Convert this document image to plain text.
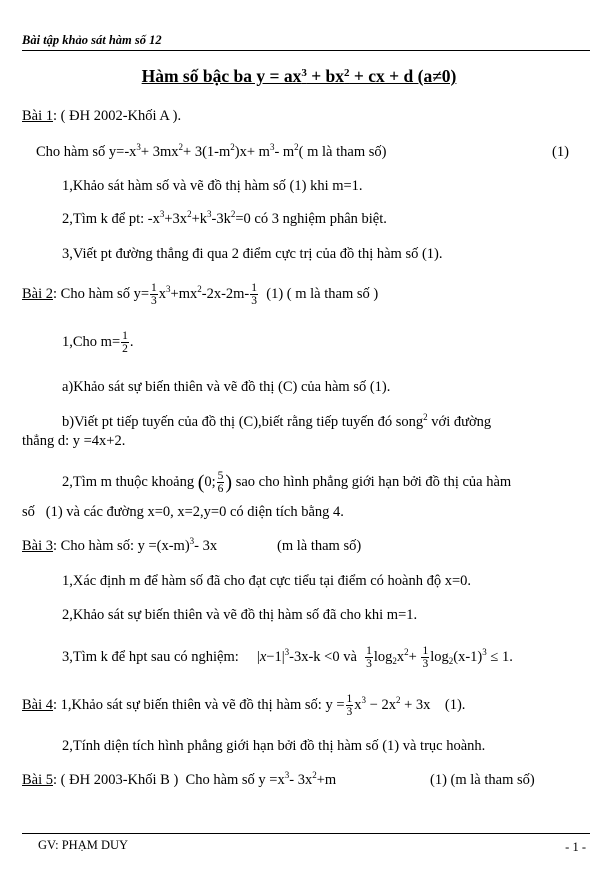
Bài tập khảo sát hàm số 12
Hàm số bậc ba $y = ax^3 + bx^2$ + cx + d (a≠0)
Bài 1: ( ĐH 2002-Khối A ).
Cho hàm số $y=-x^3+ 3mx^2+ 3(1-m^2)x+ m^3-$ $m^2$( m là tham số)	(1)
1,Khảo sát hàm số và vẽ đồ thị hàm số (1) khi m=1.
2,Tìm k để pt: $-x^3+3x^2+k^3-3k^2=0$ có 3 nghiệm phân biệt.
3,Viết pt đường thẳng đi qua 2 điểm cực trị của đồ thị hàm số (1).
Bài 2: Cho hàm số $y= \frac{1}{3} x^3+mx^2-2x-2m- \frac{1}{3} (1)$ ( m là tham số )
1,Cho $m= \frac{1}{2}$ .
a)Khảo sát sự biến thiên và vẽ đồ thị (C) của hàm số (1).
b)Viết pt tiếp tuyến của đồ thị (C),biết rằng tiếp tuyến đó song$^2$ với đường
thẳng d: y =4x+2.
2,Tìm m thuộc khoảng (0; $\frac{5}{6}$ ) sao cho hình phẳng giới hạn bởi đồ thị của hàm
số   (1) và các đường x=0, x=2,y=0 có diện tích bằng 4.
Bài 3: Cho hàm số: $y =(x-m)^3-$ 3x	(m là tham số)
1,Xác định m để hàm số đã cho đạt cực tiểu tại điểm có hoành độ x=0.
2,Khảo sát sự biến thiên và vẽ đồ thị hàm số đã cho khi m=1.
3,Tìm k để hpt sau có nghiệm:     $|x-1|^3-3x-k <0$ và $\frac{1}{3} \log_2x^2+ \frac{1}{3} \log_2(x-1)^3 \le 1$.
Bài 4: 1,Khảo sát sự biến thiên và vẽ đồ thị hàm số: $y = \frac{1}{3} x^3 - 2x^2 + 3x$    (1).
2,Tính diện tích hình phẳng giới hạn bởi đồ thị hàm số (1) và trục hoành.
Bài 5: ( ĐH 2003-Khối B )  Cho hàm số $y =x^3-$ $3x^2+m$	(1) (m là tham số)
GV: PHẠM DUY	- 1 -
